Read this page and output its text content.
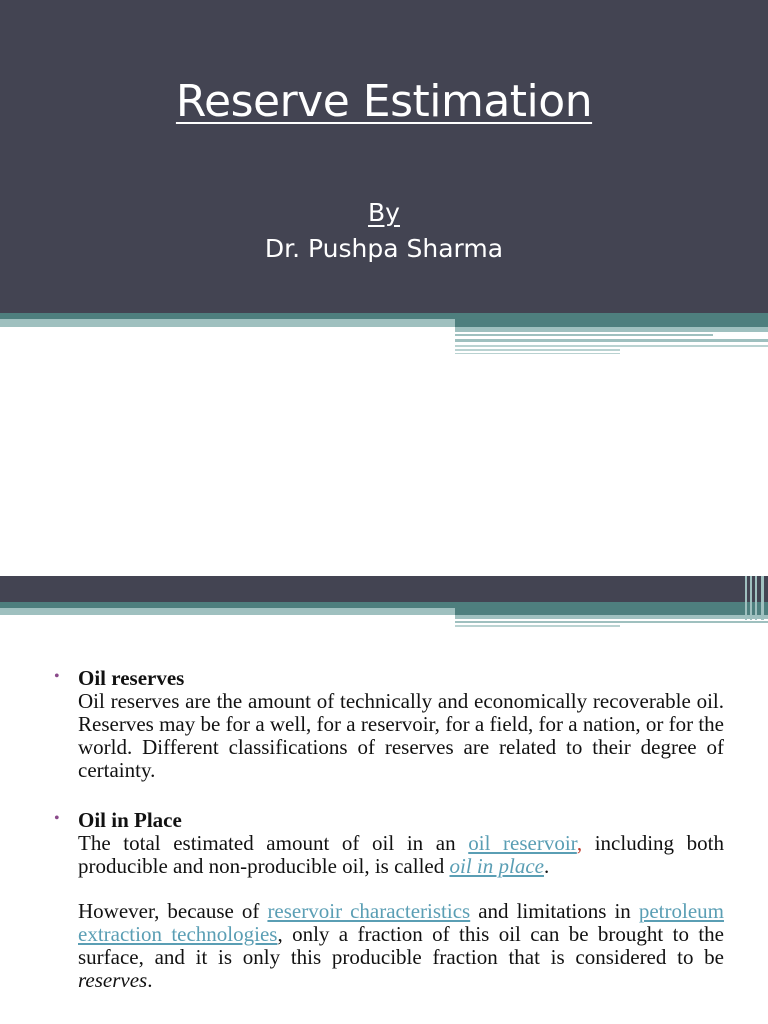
Reserve Estimation
By
Dr. Pushpa Sharma
• Oil reserves
Oil reserves are the amount of technically and economically recoverable oil. Reserves may be for a well, for a reservoir, for a field, for a nation, or for the world. Different classifications of reserves are related to their degree of certainty.
• Oil in Place
The total estimated amount of oil in an oil reservoir, including both producible and non-producible oil, is called oil in place.
However, because of reservoir characteristics and limitations in petroleum extraction technologies, only a fraction of this oil can be brought to the surface, and it is only this producible fraction that is considered to be reserves.
